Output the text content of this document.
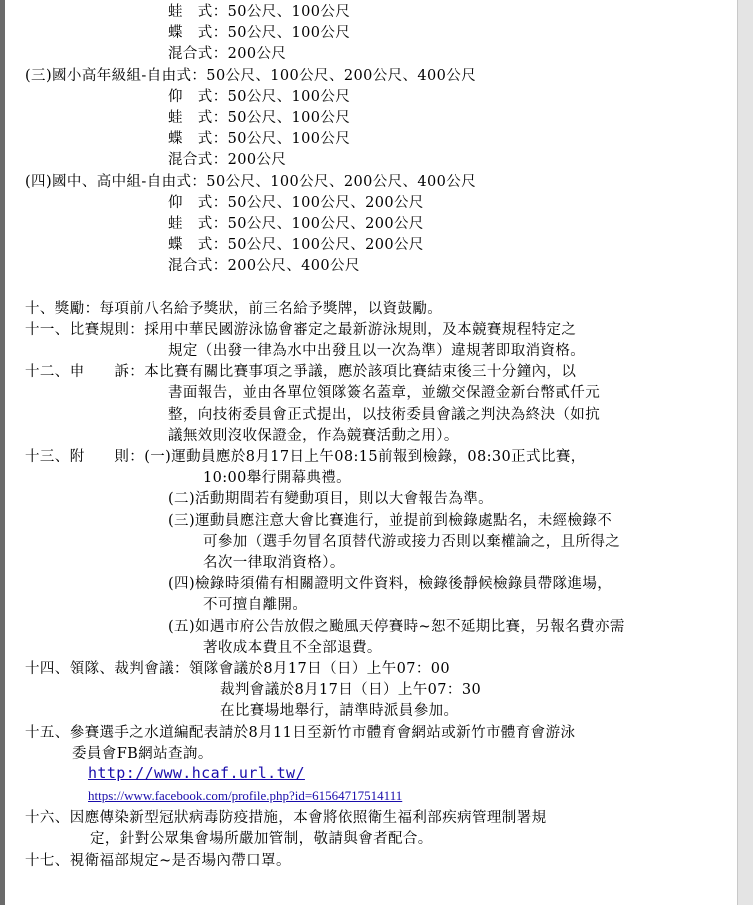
蛙　式：50公尺、100公尺
蝶　式：50公尺、100公尺
混合式：200公尺
(三)國小高年級組-自由式：50公尺、100公尺、200公尺、400公尺
仰　式：50公尺、100公尺
蛙　式：50公尺、100公尺
蝶　式：50公尺、100公尺
混合式：200公尺
(四)國中、高中組-自由式：50公尺、100公尺、200公尺、400公尺
仰　式：50公尺、100公尺、200公尺
蛙　式：50公尺、100公尺、200公尺
蝶　式：50公尺、100公尺、200公尺
混合式：200公尺、400公尺
十、獎勵：每項前八名給予獎狀，前三名給予獎牌，以資鼓勵。
十一、比賽規則：採用中華民國游泳協會審定之最新游泳規則，及本競賽規程特定之
規定（出發一律為水中出發且以一次為準）違規著即取消資格。
十二、申　　訴：本比賽有關比賽事項之爭議，應於該項比賽結束後三十分鐘內，以
書面報告，並由各單位領隊簽名蓋章，並繳交保證金新台幣貳仟元
整，向技術委員會正式提出，以技術委員會議之判決為終決（如抗
議無效則沒收保證金，作為競賽活動之用）。
十三、附　　則：(一)運動員應於8月17日上午08:15前報到檢錄，08:30正式比賽，
10:00舉行開幕典禮。
(二)活動期間若有變動項目，則以大會報告為準。
(三)運動員應注意大會比賽進行，並提前到檢錄處點名，未經檢錄不
可參加（選手勿冒名頂替代游或接力否則以棄權論之，且所得之
名次一律取消資格）。
(四)檢錄時須備有相關證明文件資料，檢錄後靜候檢錄員帶隊進場，
不可擅自離開。
(五)如遇市府公告放假之颱風天停賽時~恕不延期比賽，另報名費亦需
著收成本費且不全部退費。
十四、領隊、裁判會議：領隊會議於8月17日（日）上午07：00
裁判會議於8月17日（日）上午07：30
在比賽場地舉行，請準時派員參加。
十五、參賽選手之水道編配表請於8月11日至新竹市體育會網站或新竹市體育會游泳
委員會FB網站查詢。
十六、因應傳染新型冠狀病毒防疫措施，本會將依照衛生福利部疾病管理制署規
定，針對公眾集會場所嚴加管制，敬請與會者配合。
十七、視衛福部規定~是否場內帶口罩。
http://www.hcaf.url.tw/
https://www.facebook.com/profile.php?id=61564717514111
